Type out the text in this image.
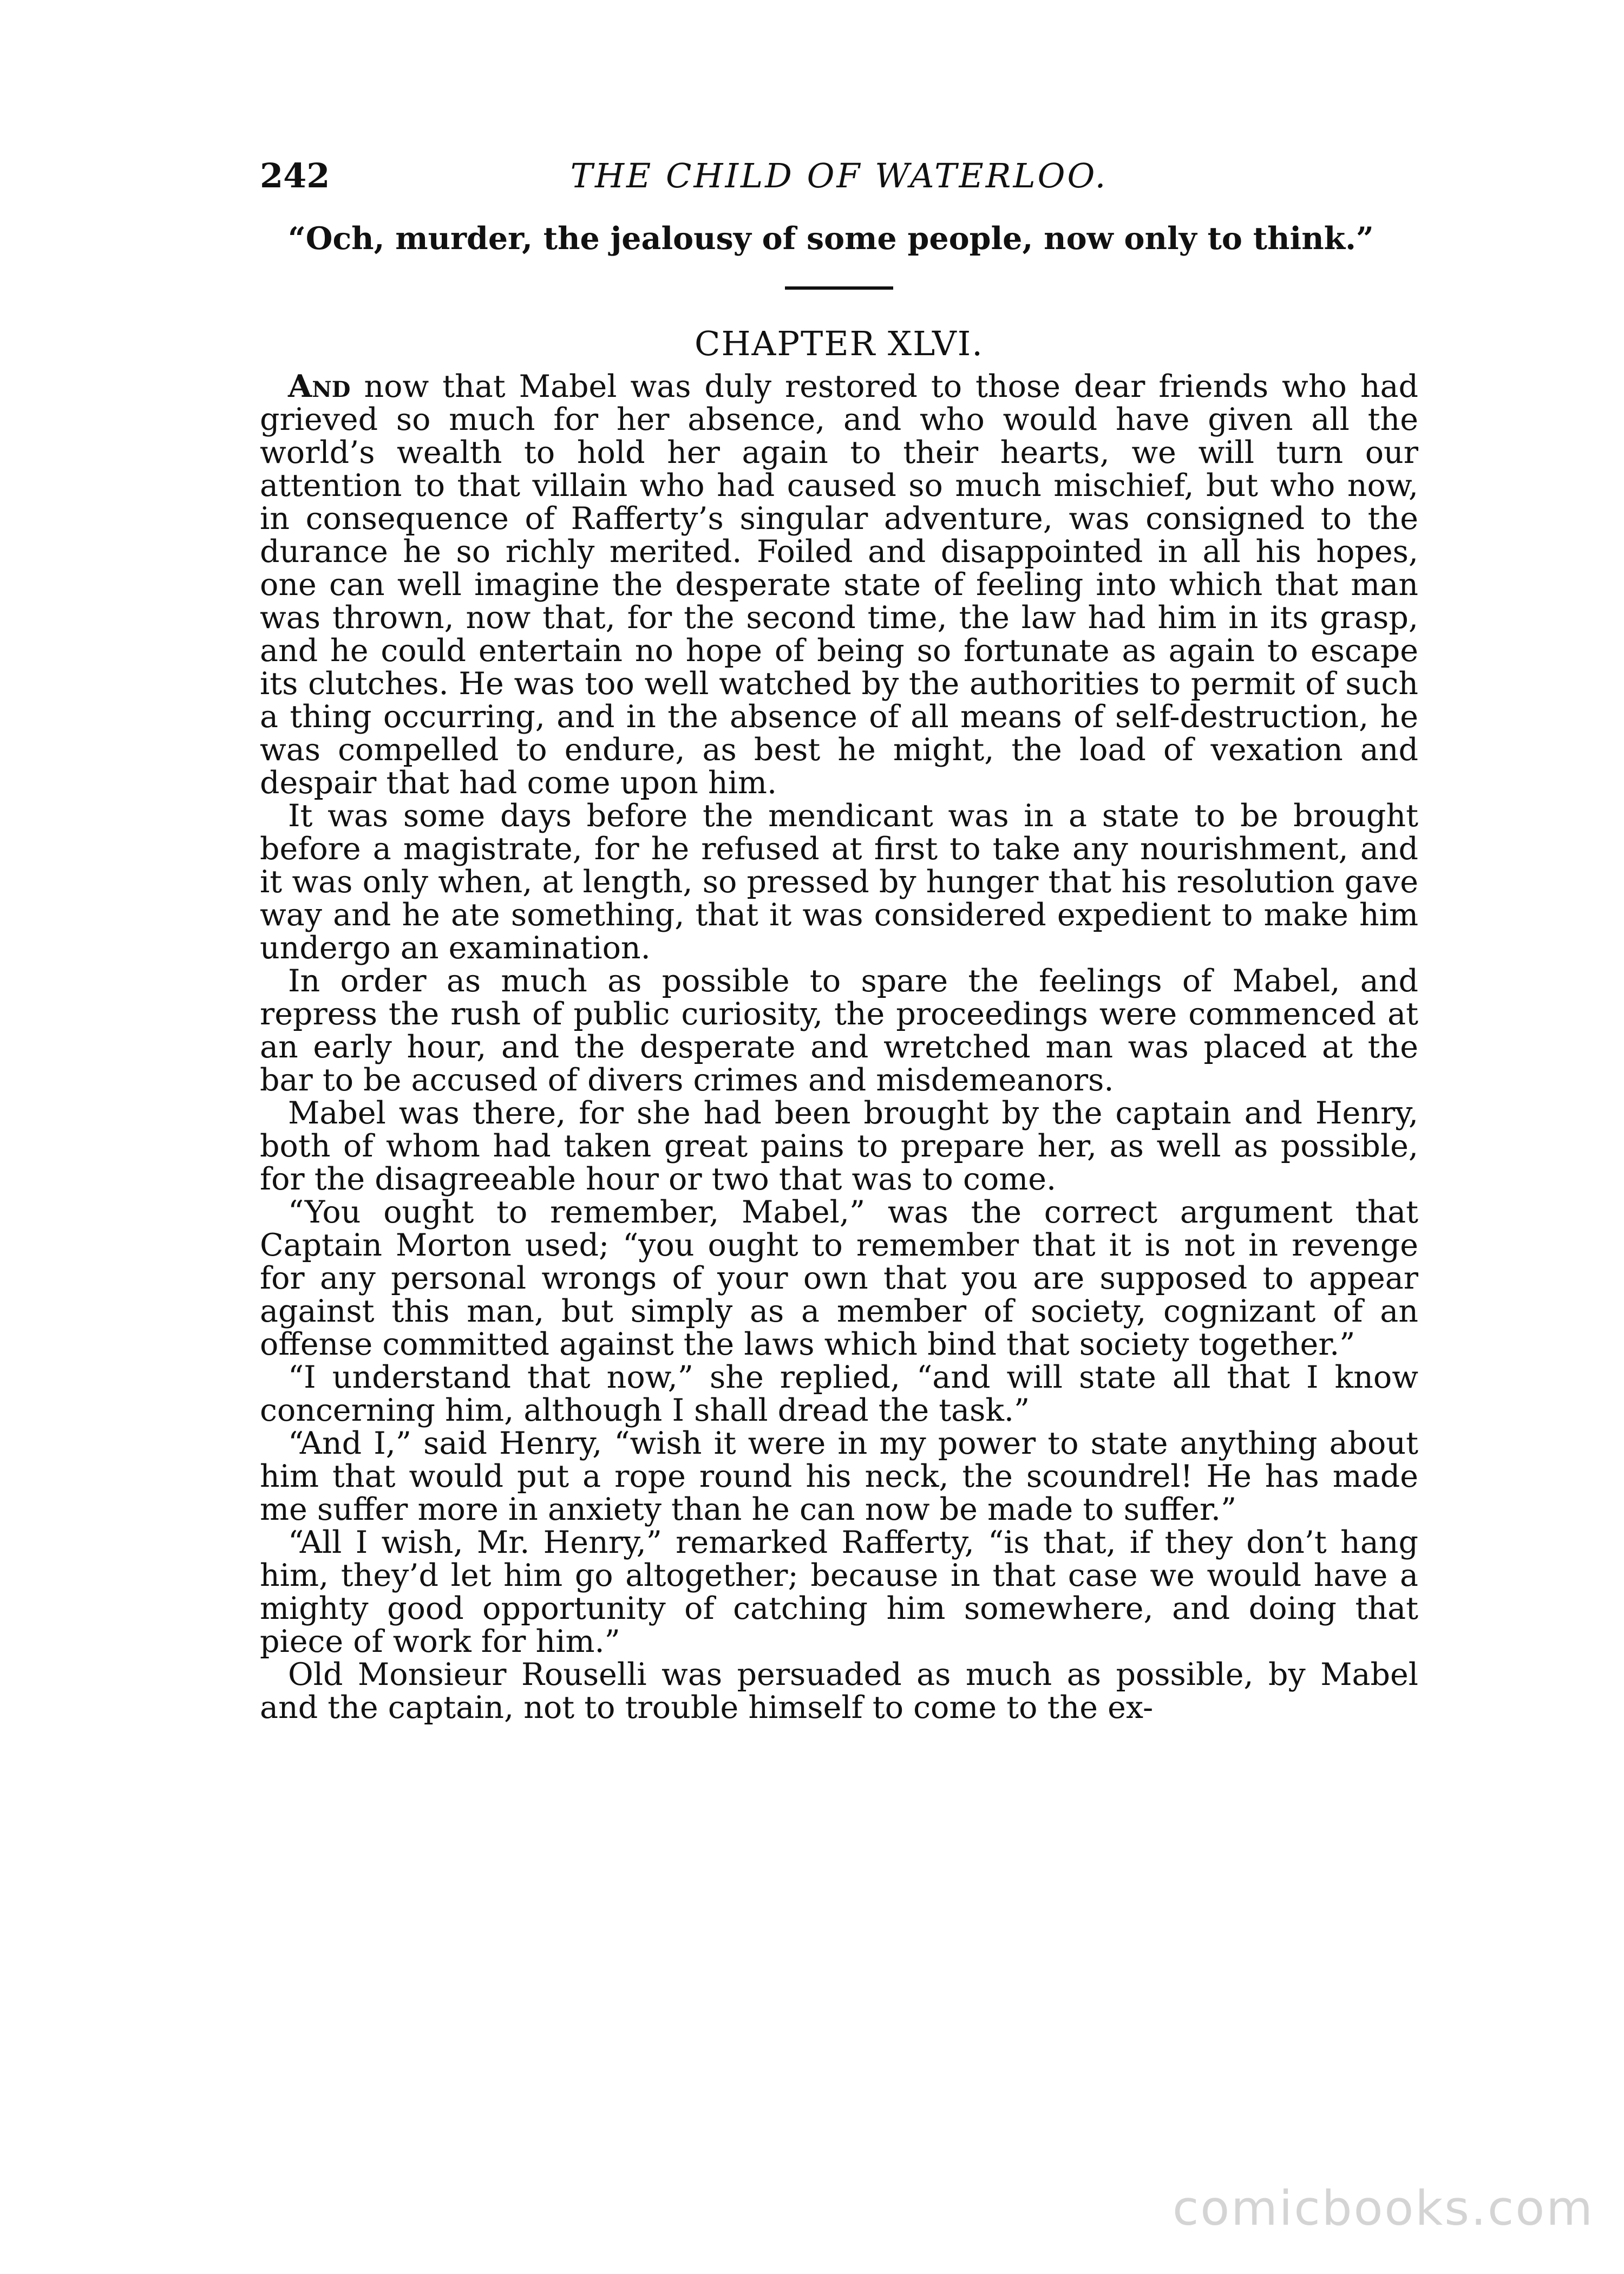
242	THE CHILD OF WATERLOO.

“Och, murder, the jealousy of some people, now only to think.”

CHAPTER XLVI.

And now that Mabel was duly restored to those dear friends who had grieved so much for her absence, and who would have given all the world’s wealth to hold her again to their hearts, we will turn our attention to that villain who had caused so much mischief, but who now, in consequence of Rafferty’s singular adventure, was consigned to the durance he so richly merited. Foiled and disappointed in all his hopes, one can well imagine the desperate state of feeling into which that man was thrown, now that, for the second time, the law had him in its grasp, and he could entertain no hope of being so fortunate as again to escape its clutches. He was too well watched by the authorities to permit of such a thing occurring, and in the absence of all means of self-destruction, he was compelled to endure, as best he might, the load of vexation and despair that had come upon him.

It was some days before the mendicant was in a state to be brought before a magistrate, for he refused at first to take any nourishment, and it was only when, at length, so pressed by hunger that his resolution gave way and he ate something, that it was considered expedient to make him undergo an examination.

In order as much as possible to spare the feelings of Mabel, and repress the rush of public curiosity, the proceedings were commenced at an early hour, and the desperate and wretched man was placed at the bar to be accused of divers crimes and misdemeanors.

Mabel was there, for she had been brought by the captain and Henry, both of whom had taken great pains to prepare her, as well as possible, for the disagreeable hour or two that was to come.

“You ought to remember, Mabel,” was the correct argument that Captain Morton used; “you ought to remember that it is not in revenge for any personal wrongs of your own that you are supposed to appear against this man, but simply as a member of society, cognizant of an offense committed against the laws which bind that society together.”

“I understand that now,” she replied, “and will state all that I know concerning him, although I shall dread the task.”

“And I,” said Henry, “wish it were in my power to state anything about him that would put a rope round his neck, the scoundrel! He has made me suffer more in anxiety than he can now be made to suffer.”

“All I wish, Mr. Henry,” remarked Rafferty, “is that, if they don’t hang him, they’d let him go altogether; because in that case we would have a mighty good opportunity of catching him somewhere, and doing that piece of work for him.”

Old Monsieur Rouselli was persuaded as much as possible, by Mabel and the captain, not to trouble himself to come to the ex-

comicbooks.com
